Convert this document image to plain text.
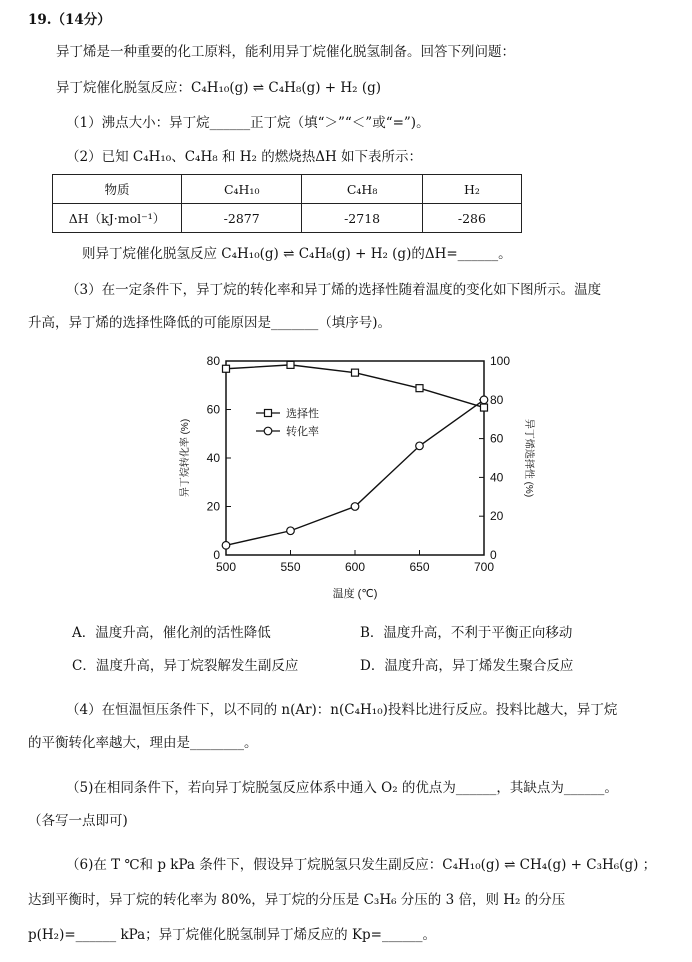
19.（14分）
异丁烯是一种重要的化工原料，能利用异丁烷催化脱氢制备。回答下列问题：
异丁烷催化脱氢反应：C₄H₁₀(g) ⇌ C₄H₈(g) + H₂ (g)
（1）沸点大小：异丁烷______正丁烷（填“＞”“＜”或“=”)。
（2）已知 C₄H₁₀、C₄H₈ 和 H₂ 的燃烧热ΔH 如下表所示：
物质	C₄H₁₀	C₄H₈	H₂
ΔH（kJ·mol⁻¹）	-2877	-2718	-286
则异丁烷催化脱氢反应 C₄H₁₀(g) ⇌ C₄H₈(g) + H₂ (g)的ΔH=______。
（3）在一定条件下，异丁烷的转化率和异丁烯的选择性随着温度的变化如下图所示。温度
升高，异丁烯的选择性降低的可能原因是_______（填序号)。
500	550	600	650	700
0
20
40
60
80
0
20
40
60
80
100
温度 (℃)
异丁烷转化率 (%)	异丁烯选择性 (%)
选择性
转化率
A．温度升高，催化剂的活性降低	B．温度升高，不利于平衡正向移动
C．温度升高，异丁烷裂解发生副反应	D．温度升高，异丁烯发生聚合反应
（4）在恒温恒压条件下，以不同的 n(Ar)：n(C₄H₁₀)投料比进行反应。投料比越大，异丁烷
的平衡转化率越大，理由是________。
（5)在相同条件下，若向异丁烷脱氢反应体系中通入 O₂ 的优点为______，其缺点为______。
（各写一点即可)
（6)在 T ℃和 p kPa 条件下，假设异丁烷脱氢只发生副反应：C₄H₁₀(g) ⇌ CH₄(g) + C₃H₆(g) ；
达到平衡时，异丁烷的转化率为 80%，异丁烷的分压是 C₃H₆ 分压的 3 倍，则 H₂ 的分压
p(H₂)=______ kPa；异丁烷催化脱氢制异丁烯反应的 Kp=______。
